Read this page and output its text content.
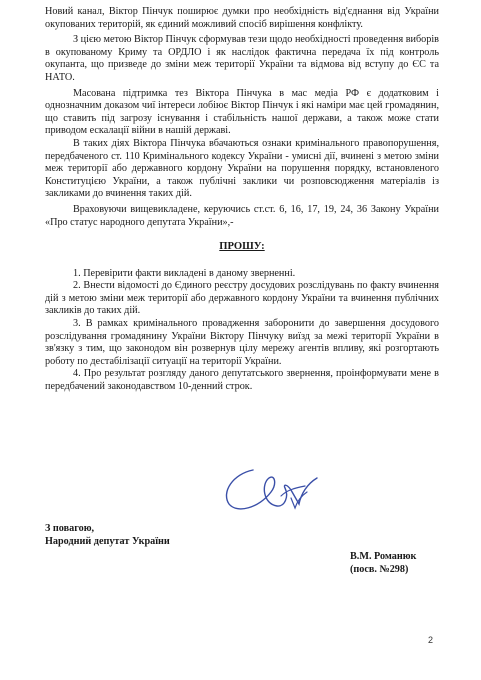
Новий канал, Віктор Пінчук поширює думки про необхідність від'єднання від України окупованих територій, як єдиний можливий спосіб вирішення конфлікту.

З цією метою Віктор Пінчук сформував тези щодо необхідності проведення виборів в окупованому Криму та ОРДЛО і як наслідок фактична передача їх під контроль окупанта, що призведе до зміни меж території України та відмова від вступу до ЄС та НАТО.

Масована підтримка тез Віктора Пінчука в мас медіа РФ є додатковим і однозначним доказом чиї інтереси лобіює Віктор Пінчук і які наміри має цей громадянин, що ставить під загрозу існування і стабільність нашої держави, а також може стати приводом ескалації війни в нашій державі.

В таких діях Віктора Пінчука вбачаються ознаки кримінального правопорушення, передбаченого ст. 110 Кримінального кодексу України - умисні дії, вчинені з метою зміни меж території або державного кордону України на порушення порядку, встановленого Конституцією України, а також публічні заклики чи розповсюдження матеріалів із закликами до вчинення таких дій.

Враховуючи вищевикладене, керуючись ст.ст. 6, 16, 17, 19, 24, 36 Закону України «Про статус народного депутата України»,-

ПРОШУ:

1. Перевірити факти викладені в даному зверненні.

2. Внести відомості до Єдиного реєстру досудових розслідувань по факту вчинення дій з метою зміни меж території або державного кордону України та вчинення публічних закликів до таких дій.

3. В рамках кримінального провадження заборонити до завершення досудового розслідування громадянину України Віктору Пінчуку виїзд за межі території України в зв'язку з тим, що законодом він розвернув цілу мережу агентів впливу, які розгортають роботу по дестабілізації ситуації на території України.

4. Про результат розгляду даного депутатського звернення, проінформувати мене в передбачений законодавством 10-денний строк.

З повагою,
Народний депутат України
В.М. Романюк
(посв. №298)
2
